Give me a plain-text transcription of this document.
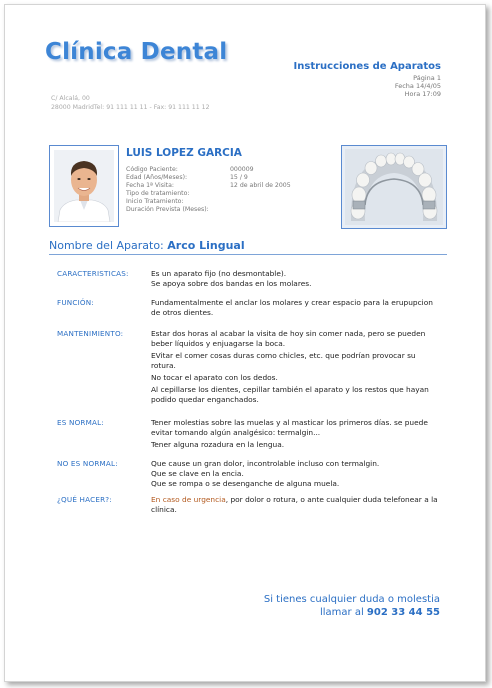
Clínica Dental
C/ Alcalá, 00
28000 MadridTel: 91 111 11 11 - Fax: 91 111 11 12
Instrucciones de Aparatos
Página 1
Fecha 14/4/05
Hora 17:09
LUIS LOPEZ GARCIA
Código Paciente:	000009
Edad (Años/Meses):	15 / 9
Fecha 1ª Visita:	12 de abril de 2005
Tipo de tratamiento:
Inicio Tratamiento:
Duración Prevista (Meses):
Nombre del Aparato: Arco Lingual
CARACTERISTICAS:	Es un aparato fijo (no desmontable).
Se apoya sobre dos bandas en los molares.
FUNCIÓN:	Fundamentalmente el anclar los molares y crear espacio para la erupupcion de otros dientes.

MANTENIMIENTO:	Estar dos horas al acabar la visita de hoy sin comer nada, pero se pueden beber líquidos y enjuagarse la boca.

EVitar el comer cosas duras como chicles, etc. que podrían provocar su rotura.

No tocar el aparato con los dedos.

Al cepillarse los dientes, cepillar también el aparato y los restos que hayan podido quedar enganchados.

ES NORMAL:	Tener molestias sobre las muelas y al masticar los primeros días. se puede evitar tomando algún analgésico: termalgin...

Tener alguna rozadura en la lengua.

NO ES NORMAL:	Que cause un gran dolor, incontrolable incluso con termalgin.
Que se clave en la encia.
Que se rompa o se desenganche de alguna muela.
¿QUÉ HACER?:	En caso de urgencia, por dolor o rotura, o ante cualquier duda telefonear a la clínica.

Si tienes cualquier duda o molestia
llamar al 902 33 44 55
